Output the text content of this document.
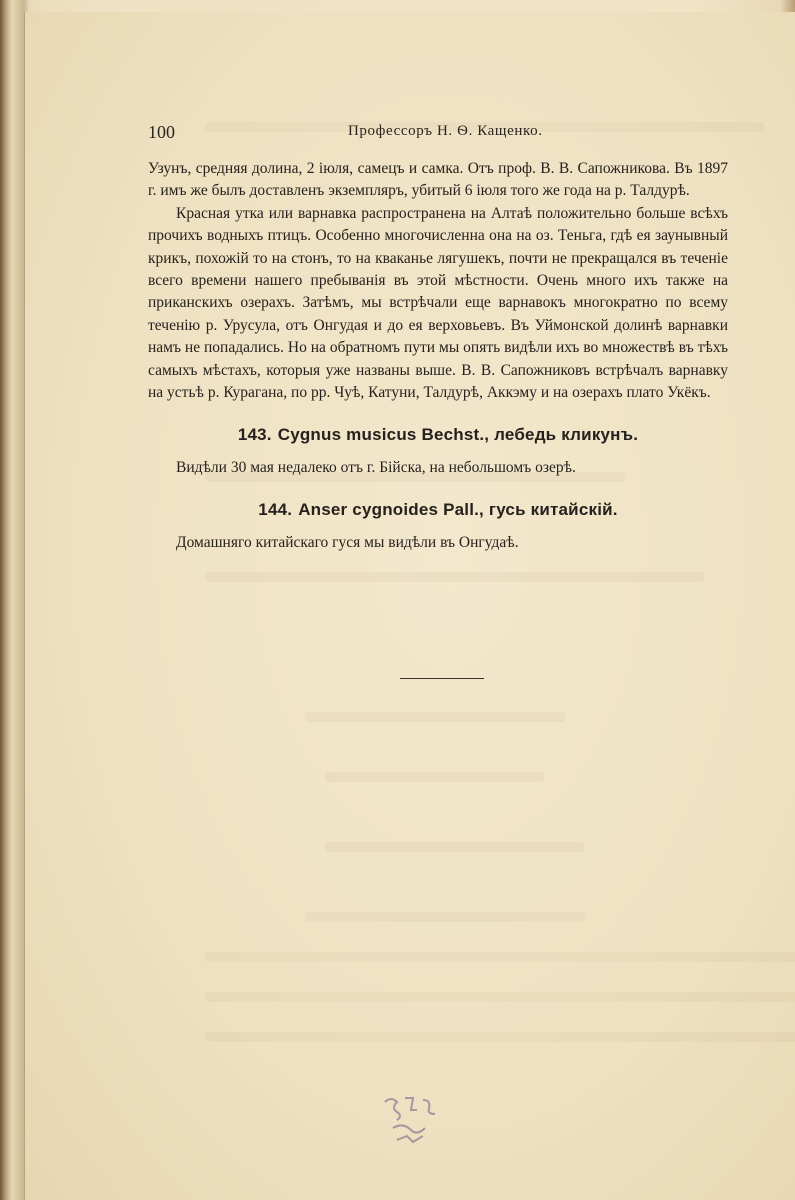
100	Профессоръ Н. Ѳ. Кащенко.

Узунъ, средняя долина, 2 іюля, самецъ и самка. Отъ проф. В. В. Сапожникова. Въ 1897 г. имъ же былъ доставленъ экземпляръ, убитый 6 іюля того же года на р. Талдурѣ.

Красная утка или варнавка распространена на Алтаѣ положительно больше всѣхъ прочихъ водныхъ птицъ. Особенно многочисленна она на оз. Теньга, гдѣ ея заунывный крикъ, похожій то на стонъ, то на кваканье лягушекъ, почти не прекращался въ теченіе всего времени нашего пребыванія въ этой мѣстности. Очень много ихъ также на приканскихъ озерахъ. Затѣмъ, мы встрѣчали еще варнавокъ многократно по всему теченію р. Урусула, отъ Онгудая и до ея верховьевъ. Въ Уймонской долинѣ варнавки намъ не попадались. Но на обратномъ пути мы опять видѣли ихъ во множествѣ въ тѣхъ самыхъ мѣстахъ, которыя уже названы выше. В. В. Сапожниковъ встрѣчалъ варнавку на устьѣ р. Курагана, по рр. Чуѣ, Катуни, Талдурѣ, Аккэму и на озерахъ плато Укёкъ.

143. Cygnus musicus Bechst., лебедь кликунъ.

Видѣли 30 мая недалеко отъ г. Бійска, на небольшомъ озерѣ.

144. Anser cygnoides Pall., гусь китайскій.

Домашняго китайскаго гуся мы видѣли въ Онгудаѣ.
